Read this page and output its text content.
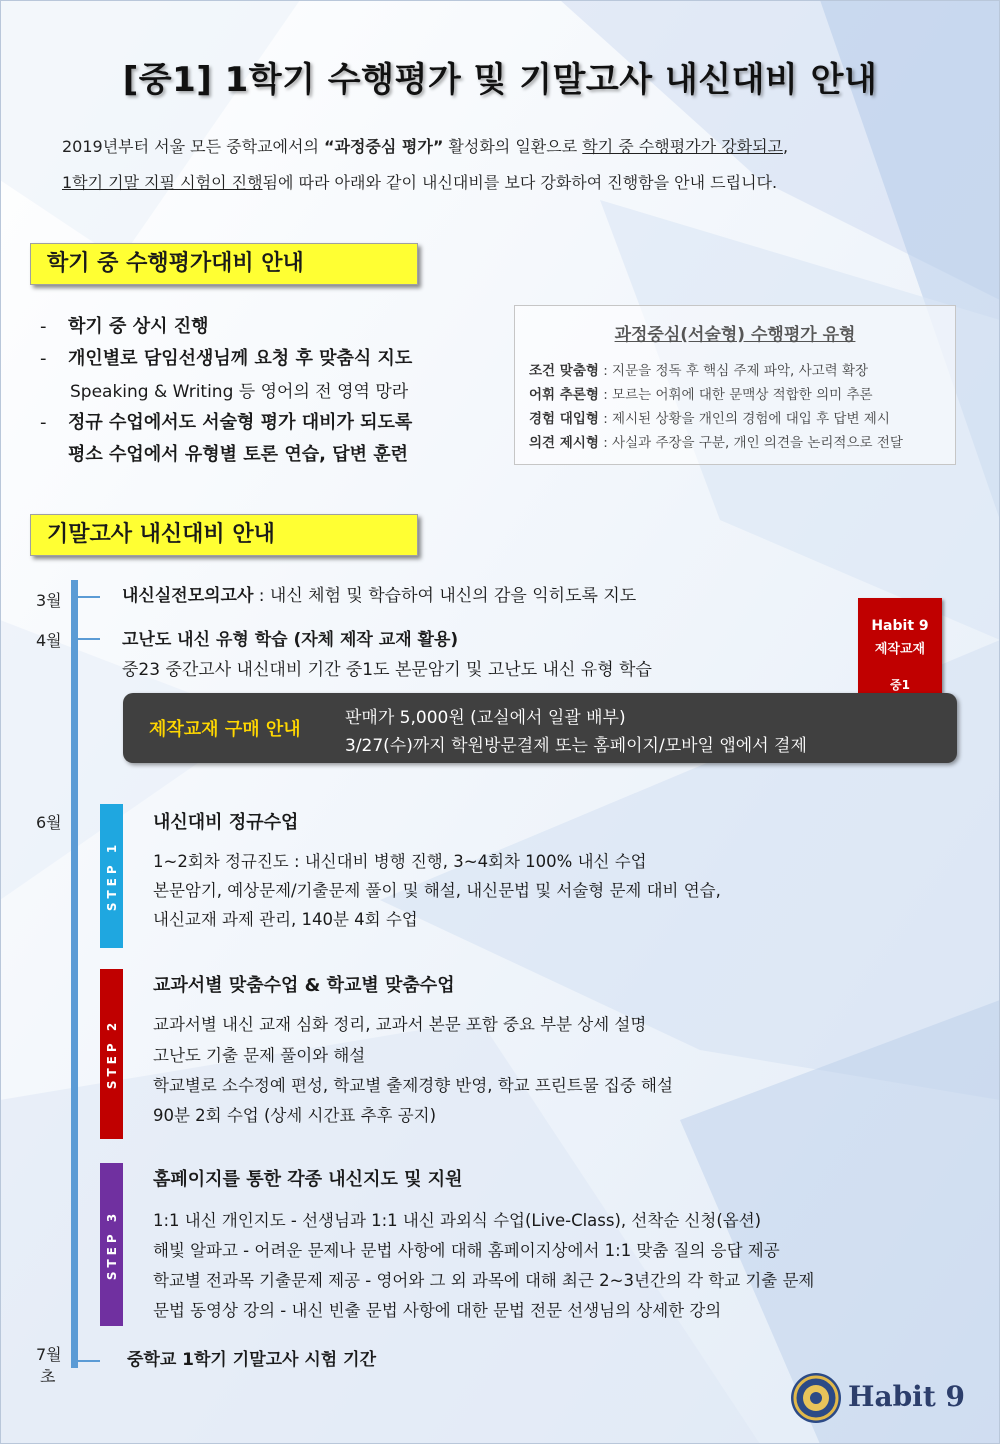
[중1] 1학기 수행평가 및 기말고사 내신대비 안내
2019년부터 서울 모든 중학교에서의 “과정중심 평가” 활성화의 일환으로 학기 중 수행평가가 강화되고,
1학기 기말 지필 시험이 진행됨에 따라 아래와 같이 내신대비를 보다 강화하여 진행함을 안내 드립니다.
학기 중 수행평가대비 안내
- 학기 중 상시 진행
- 개인별로 담임선생님께 요청 후 맞춤식 지도
Speaking & Writing 등 영어의 전 영역 망라
- 정규 수업에서도 서술형 평가 대비가 되도록
평소 수업에서 유형별 토론 연습, 답변 훈련
과정중심(서술형) 수행평가 유형
조건 맞춤형 : 지문을 정독 후 핵심 주제 파악, 사고력 확장
어휘 추론형 : 모르는 어휘에 대한 문맥상 적합한 의미 추론
경험 대입형 : 제시된 상황을 개인의 경험에 대입 후 답변 제시
의견 제시형 : 사실과 주장을 구분, 개인 의견을 논리적으로 전달
기말고사 내신대비 안내
3월
4월
6월
7월
초
내신실전모의고사 : 내신 체험 및 학습하여 내신의 감을 익히도록 지도
고난도 내신 유형 학습 (자체 제작 교재 활용)
중23 중간고사 내신대비 기간 중1도 본문암기 및 고난도 내신 유형 학습
Habit 9
제작교재
중1
제작교재 구매 안내
판매가 5,000원 (교실에서 일괄 배부)
3/27(수)까지 학원방문결제 또는 홈페이지/모바일 앱에서 결제
STEP 1
내신대비 정규수업
1~2회차 정규진도 : 내신대비 병행 진행, 3~4회차 100% 내신 수업
본문암기, 예상문제/기출문제 풀이 및 해설, 내신문법 및 서술형 문제 대비 연습,
내신교재 과제 관리, 140분 4회 수업
STEP 2
교과서별 맞춤수업 & 학교별 맞춤수업
교과서별 내신 교재 심화 정리, 교과서 본문 포함 중요 부분 상세 설명
고난도 기출 문제 풀이와 해설
학교별로 소수정예 편성, 학교별 출제경향 반영, 학교 프린트물 집중 해설
90분 2회 수업 (상세 시간표 추후 공지)
STEP 3
홈페이지를 통한 각종 내신지도 및 지원
1:1 내신 개인지도 - 선생님과 1:1 내신 과외식 수업(Live-Class), 선착순 신청(옵션)
해빛 알파고 - 어려운 문제나 문법 사항에 대해 홈페이지상에서 1:1 맞춤 질의 응답 제공
학교별 전과목 기출문제 제공 - 영어와 그 외 과목에 대해 최근 2~3년간의 각 학교 기출 문제
문법 동영상 강의 - 내신 빈출 문법 사항에 대한 문법 전문 선생님의 상세한 강의
중학교 1학기 기말고사 시험 기간
Habit 9
